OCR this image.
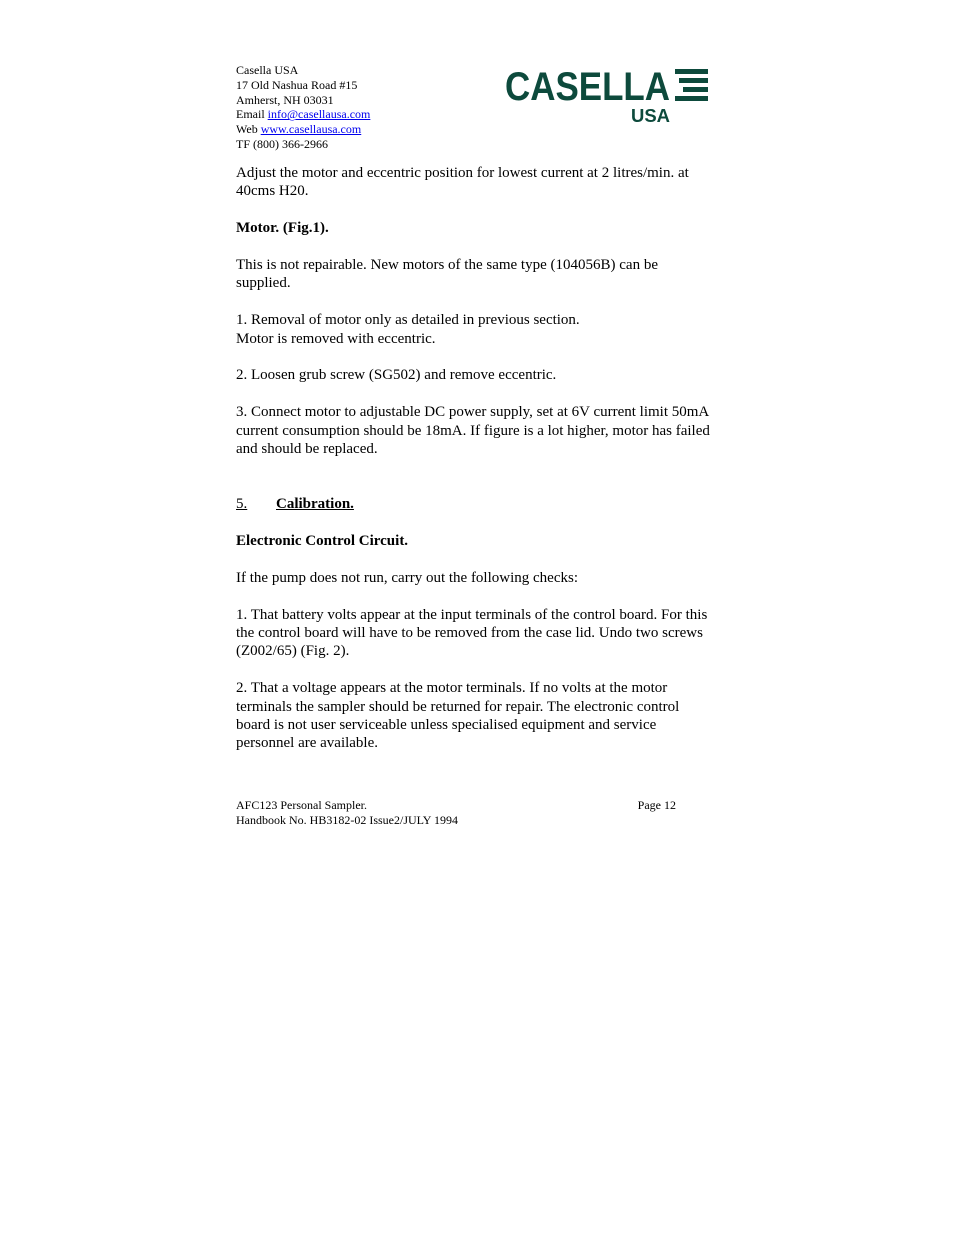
Casella USA
17 Old Nashua Road #15
Amherst, NH 03031
Email info@casellausa.com
Web www.casellausa.com
TF (800) 366-2966
CASELLA
USA

Adjust the motor and eccentric position for lowest current at 2 litres/min. at 40cms H20.

Motor. (Fig.1).

This is not repairable. New motors of the same type (104056B) can be supplied.

1. Removal of motor only as detailed in previous section.
Motor is removed with eccentric.

2. Loosen grub screw (SG502) and remove eccentric.

3. Connect motor to adjustable DC power supply, set at 6V current limit 50mA current consumption should be 18mA. If figure is a lot higher, motor has failed and should be replaced.

5. Calibration.

Electronic Control Circuit.

If the pump does not run, carry out the following checks:

1. That battery volts appear at the input terminals of the control board. For this the control board will have to be removed from the case lid. Undo two screws (Z002/65) (Fig. 2).

2. That a voltage appears at the motor terminals. If no volts at the motor terminals the sampler should be returned for repair. The electronic control board is not user serviceable unless specialised equipment and service personnel are available.

AFC123 Personal Sampler.	Page 12
Handbook No. HB3182-02 Issue2/JULY 1994
